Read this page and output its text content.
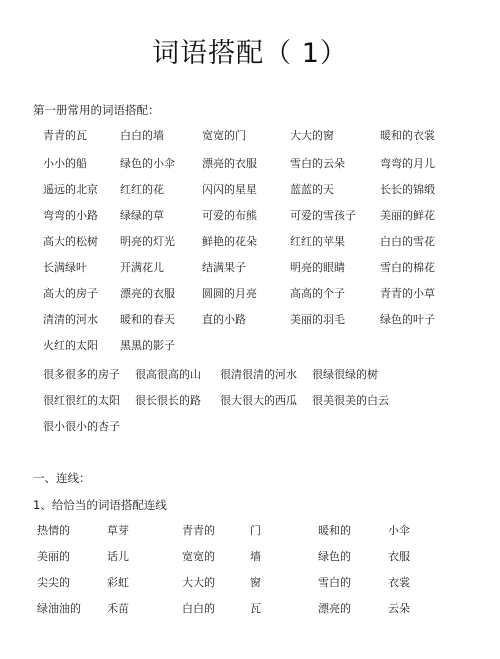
词语搭配（ 1）
第一册常用的词语搭配：
青青的瓦	白白的墙	宽宽的门	大大的窗	暖和的衣裳
小小的船	绿色的小伞 漂亮的衣服	雪白的云朵	弯弯的月儿
遥远的北京 红红的花	闪闪的星星	蓝蓝的天	长长的锦缎
弯弯的小路 绿绿的草	可爱的布熊	可爱的雪孩子 美丽的鲜花
高大的松树 明亮的灯光 鲜艳的花朵	红红的苹果	白白的雪花
长满绿叶	开满花儿	结满果子	明亮的眼睛	雪白的棉花
高大的房子 漂亮的衣服 圆圆的月亮	高高的个子	青青的小草
清清的河水 暖和的春天 直的小路	美丽的羽毛	绿色的叶子
火红的太阳 黑黑的影子
很多很多的房子 很高很高的山 很清很清的河水 很绿很绿的树
很红很红的太阳 很长很长的路 很大很大的西瓜 很美很美的白云
很小很小的杏子
一、连线：
1、给恰当的词语搭配连线
热情的	草芽	青青的	门	暖和的	小伞
美丽的	话儿	宽宽的	墙	绿色的	衣服
尖尖的	彩虹	大大的	窗	雪白的	衣裳
绿油油的 禾苗	白白的	瓦	漂亮的	云朵
